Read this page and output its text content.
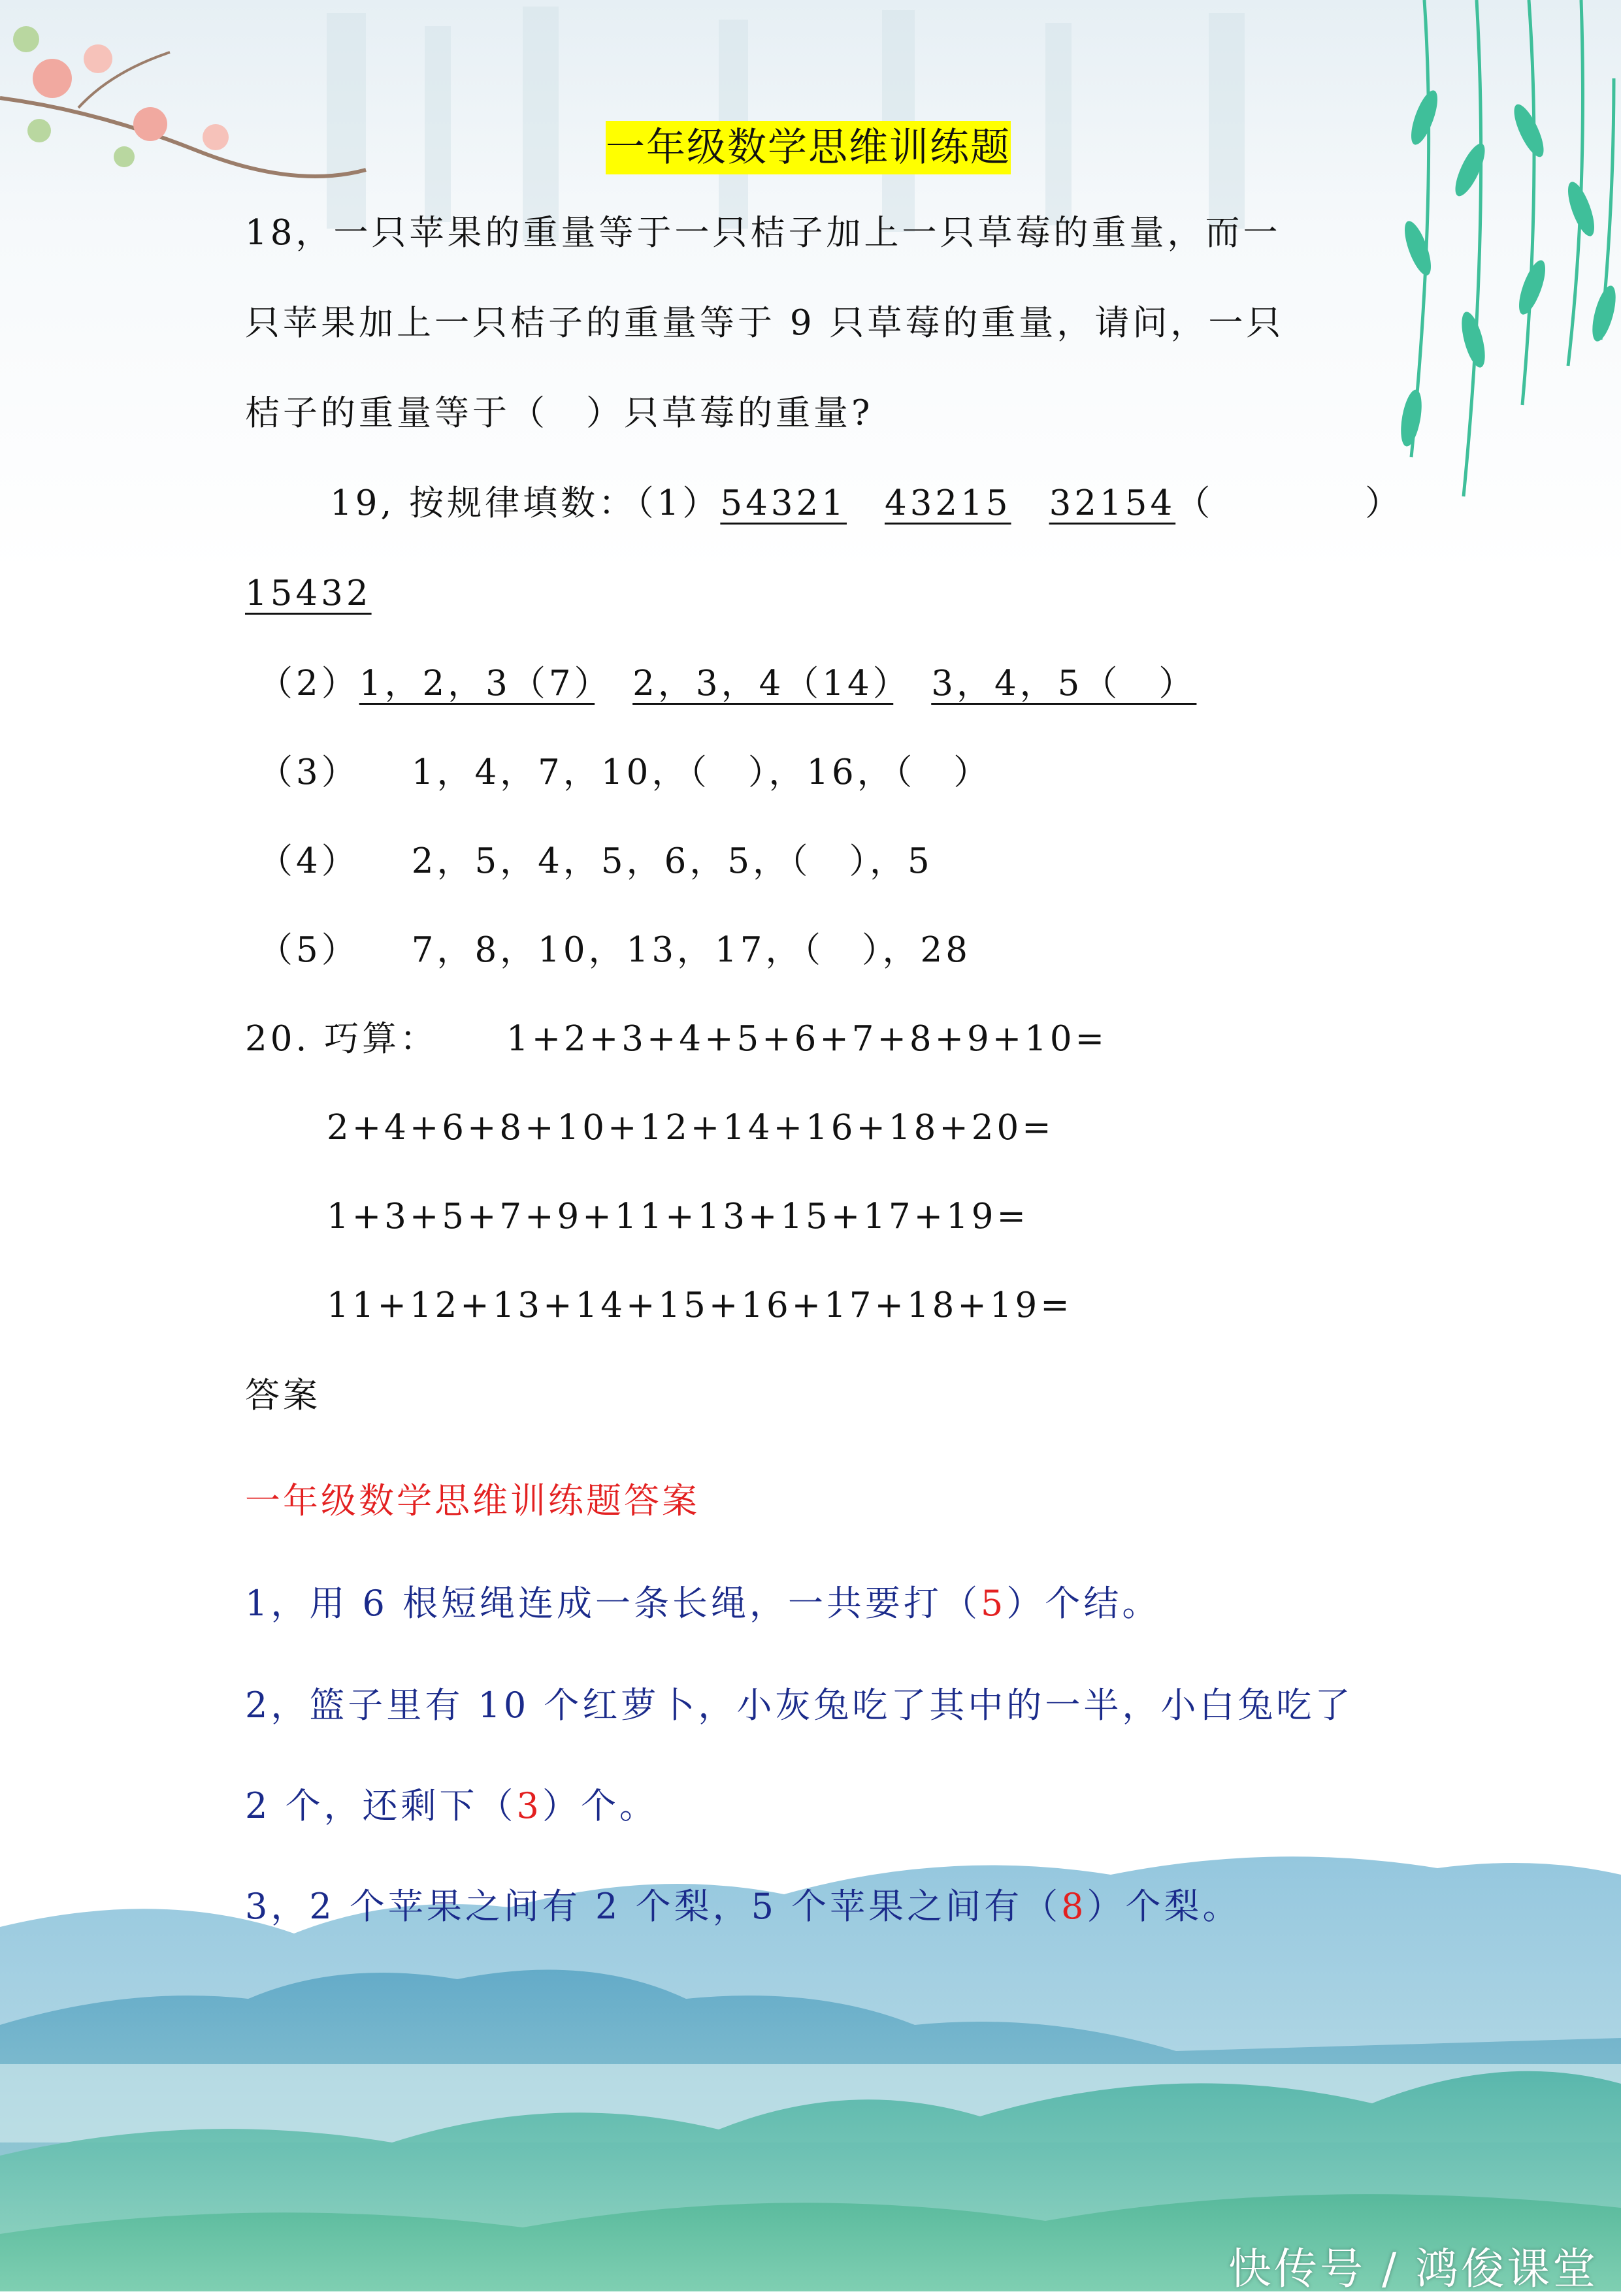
一年级数学思维训练题
18，一只苹果的重量等于一只桔子加上一只草莓的重量，而一
只苹果加上一只桔子的重量等于 9 只草莓的重量，请问，一只
桔子的重量等于（　）只草莓的重量?
19, 按规律填数：（1）54321　 43215　 32154（　　　　）
15432
（2）1，2，3（7）　 2，3，4（14）　 3，4，5（　）
（3） 1，4，7，10，（　），16，（　）
（4） 2，5，4，5，6，5，（　），5
（5） 7，8，10，13，17，（　），28
20. 巧算： 1+2+3+4+5+6+7+8+9+10=
2+4+6+8+10+12+14+16+18+20=
1+3+5+7+9+11+13+15+17+19=
11+12+13+14+15+16+17+18+19=
答案
一年级数学思维训练题答案
1，用 6 根短绳连成一条长绳，一共要打（5）个结。
2，篮子里有 10 个红萝卜，小灰兔吃了其中的一半，小白兔吃了
2 个，还剩下（3）个。
3，2 个苹果之间有 2 个梨，5 个苹果之间有（8）个梨。
快传号 / 鸿俊课堂
